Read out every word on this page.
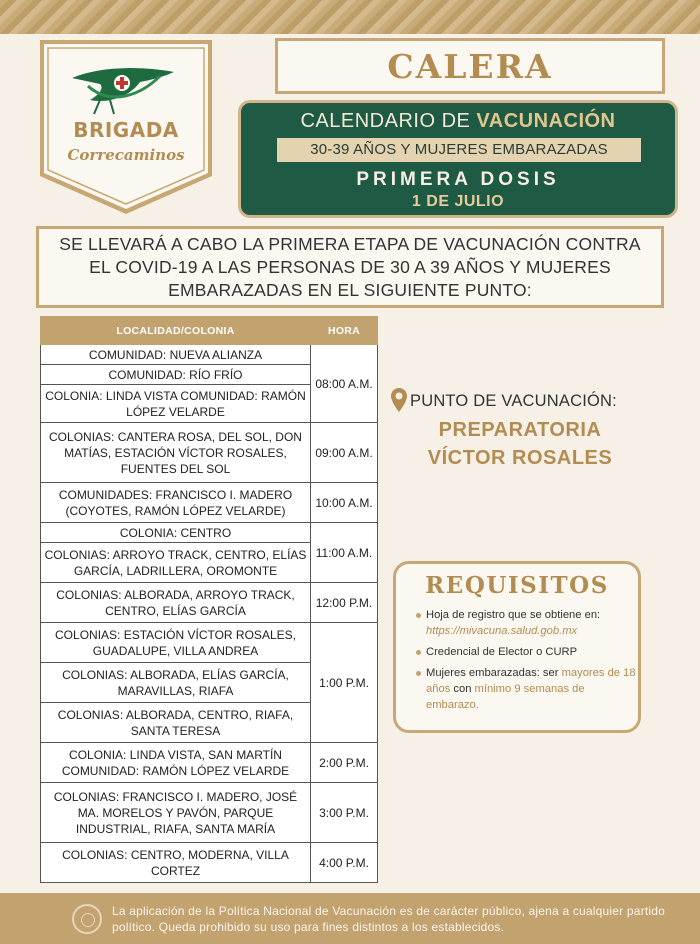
BRIGADA
Correcaminos
CALERA
CALENDARIO DE VACUNACIÓN
30-39 AÑOS Y MUJERES EMBARAZADAS
PRIMERA DOSIS
1 DE JULIO

SE LLEVARÁ A CABO LA PRIMERA ETAPA DE VACUNACIÓN CONTRA EL COVID-19 A LAS PERSONAS DE 30 A 39 AÑOS Y MUJERES EMBARAZADAS EN EL SIGUIENTE PUNTO:

LOCALIDAD/COLONIA	HORA
COMUNIDAD: NUEVA ALIANZA	08:00 A.M.
COMUNIDAD: RÍO FRÍO	
COLONIA: LINDA VISTA COMUNIDAD: RAMÓN LÓPEZ VELARDE	
COLONIAS: CANTERA ROSA, DEL SOL, DON MATÍAS, ESTACIÓN VÍCTOR ROSALES, FUENTES DEL SOL	09:00 A.M.
COMUNIDADES: FRANCISCO I. MADERO (COYOTES, RAMÓN LÓPEZ VELARDE)	10:00 A.M.
COLONIA: CENTRO	11:00 A.M.
COLONIAS: ARROYO TRACK, CENTRO, ELÍAS GARCÍA, LADRILLERA, OROMONTE	
COLONIAS: ALBORADA, ARROYO TRACK, CENTRO, ELÍAS GARCÍA	12:00 P.M.
COLONIAS: ESTACIÓN VÍCTOR ROSALES, GUADALUPE, VILLA ANDREA	1:00 P.M.
COLONIAS: ALBORADA, ELÍAS GARCÍA, MARAVILLAS, RIAFA	
COLONIAS: ALBORADA, CENTRO, RIAFA, SANTA TERESA	
COLONIA: LINDA VISTA, SAN MARTÍN COMUNIDAD: RAMÓN LÓPEZ VELARDE	2:00 P.M.
COLONIAS: FRANCISCO I. MADERO, JOSÉ MA. MORELOS Y PAVÓN, PARQUE INDUSTRIAL, RIAFA, SANTA MARÍA	3:00 P.M.
COLONIAS: CENTRO, MODERNA, VILLA CORTEZ	4:00 P.M.
PUNTO DE VACUNACIÓN:
PREPARATORIA
VÍCTOR ROSALES
REQUISITOS
Hoja de registro que se obtiene en: https://mivacuna.salud.gob.mx
Credencial de Elector o CURP
Mujeres embarazadas: ser mayores de 18 años con mínimo 9 semanas de embarazo.
La aplicación de la Política Nacional de Vacunación es de carácter público, ajena a cualquier partido político. Queda prohibido su uso para fines distintos a los establecidos.
